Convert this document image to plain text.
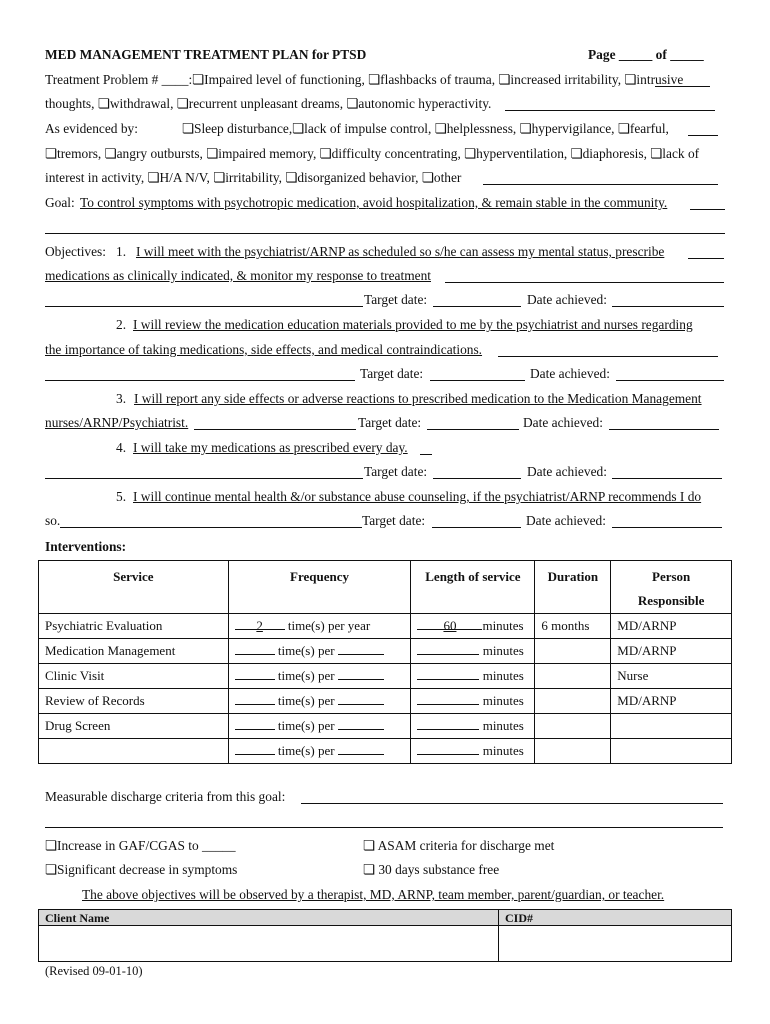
MED MANAGEMENT TREATMENT PLAN for PTSD	Page _____ of _____
Treatment Problem # ____:❏Impaired level of functioning, ❏flashbacks of trauma, ❏increased irritability, ❏intrusive
thoughts, ❏withdrawal, ❏recurrent unpleasant dreams, ❏autonomic hyperactivity.
As evidenced by:	❏Sleep disturbance,❏lack of impulse control, ❏helplessness, ❏hypervigilance, ❏fearful,
❏tremors, ❏angry outbursts, ❏impaired memory, ❏difficulty concentrating, ❏hyperventilation, ❏diaphoresis, ❏lack of
interest in activity, ❏H/A N/V, ❏irritability, ❏disorganized behavior, ❏other
Goal: To control symptoms with psychotropic medication, avoid hospitalization, & remain stable in the community.
Objectives: 1. I will meet with the psychiatrist/ARNP as scheduled so s/he can assess my mental status, prescribe
medications as clinically indicated, & monitor my response to treatment
Target date:	Date achieved:
2. I will review the medication education materials provided to me by the psychiatrist and nurses regarding
the importance of taking medications, side effects, and medical contraindications.
Target date:	Date achieved:
3. I will report any side effects or adverse reactions to prescribed medication to the Medication Management
nurses/ARNP/Psychiatrist.	Target date:	Date achieved:
4. I will take my medications as prescribed every day.
Target date:	Date achieved:
5. I will continue mental health &/or substance abuse counseling, if the psychiatrist/ARNP recommends I do
so.	Target date:	Date achieved:
Interventions:
Service	Frequency	Length of service	Duration	Person
Responsible
Psychiatric Evaluation	2 time(s) per year	60 minutes	6 months	MD/ARNP
Medication Management	time(s) per	minutes		MD/ARNP
Clinic Visit	time(s) per	minutes		Nurse
Review of Records	time(s) per	minutes		MD/ARNP
Drug Screen	time(s) per	minutes		
	time(s) per	minutes		
Measurable discharge criteria from this goal:
❏Increase in GAF/CGAS to _____	❏ ASAM criteria for discharge met
❏Significant decrease in symptoms	❏ 30 days substance free
The above objectives will be observed by a therapist, MD, ARNP, team member, parent/guardian, or teacher.
Client Name	CID#
(Revised 09-01-10)
